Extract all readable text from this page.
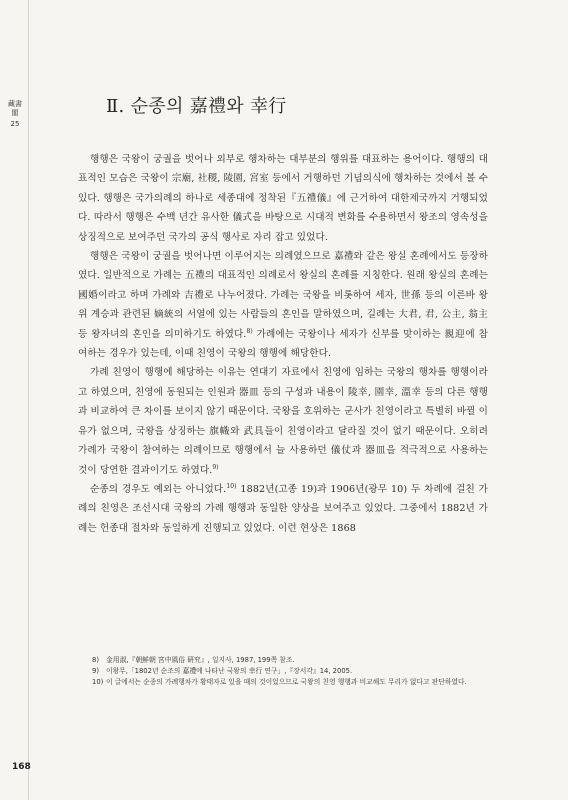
藏書閣
25
Ⅱ. 순종의 嘉禮와 幸行

행행은 국왕이 궁궐을 벗어나 외부로 행차하는 대부분의 행위를 대표하는 용어이다. 행행의 대표적인 모습은 국왕이 宗廟, 社稷, 陵園, 宮室 등에서 거행하던 기념의식에 행차하는 것에서 볼 수 있다. 행행은 국가의례의 하나로 세종대에 정착된『五禮儀』에 근거하여 대한제국까지 거행되었다. 따라서 행행은 수백 년간 유사한 儀式을 바탕으로 시대적 변화를 수용하면서 왕조의 영속성을 상징적으로 보여주던 국가의 공식 행사로 자리 잡고 있었다.

행행은 국왕이 궁궐을 벗어나면 이루어지는 의례였으므로 嘉禮와 같은 왕실 혼례에서도 등장하였다. 일반적으로 가례는 五禮의 대표적인 의례로서 왕실의 혼례를 지칭한다. 원래 왕실의 혼례는 國婚이라고 하며 가례와 吉禮로 나누어졌다. 가례는 국왕을 비롯하여 세자, 世孫 등의 이른바 왕위 계승과 관련된 嫡統의 서열에 있는 사람들의 혼인을 말하였으며, 길례는 大君, 君, 公主, 翁主 등 왕자녀의 혼인을 의미하기도 하였다.$^{8)}$ 가례에는 국왕이나 세자가 신부를 맞이하는 親迎에 참여하는 경우가 있는데, 이때 친영이 국왕의 행행에 해당한다.

가례 친영이 행행에 해당하는 이유는 연대기 자료에서 친영에 임하는 국왕의 행차를 행행이라고 하였으며, 친영에 동원되는 인원과 器皿 등의 구성과 내용이 陵幸, 園幸, 溫幸 등의 다른 행행과 비교하여 큰 차이를 보이지 않기 때문이다. 국왕을 호위하는 군사가 친영이라고 특별히 바뀔 이유가 없으며, 국왕을 상징하는 旗幟와 武具들이 친영이라고 달라질 것이 없기 때문이다. 오히려 가례가 국왕이 참여하는 의례이므로 행행에서 늘 사용하던 儀仗과 器皿을 적극적으로 사용하는 것이 당연한 결과이기도 하였다.$^{9)}$

순종의 경우도 예외는 아니었다.$^{10)}$ 1882년(고종 19)과 1906년(광무 10) 두 차례에 걸친 가례의 친영은 조선시대 국왕의 가례 행행과 동일한 양상을 보여주고 있었다. 그중에서 1882년 가례는 헌종대 절차와 동일하게 진행되고 있었다. 이런 현상은 1868

8) 金用淑,『朝鮮朝 宮中風俗 硏究』, 일지사, 1987, 199쪽 참조.
9) 이왕무,「1802년 순조의 嘉禮에 나타난 국왕의 幸行 연구」,『장서각』14, 2005.
10) 이 글에서는 순종의 가례행차가 황태자로 있을 때의 것이었으므로 국왕의 친영 행행과 비교해도 무리가 없다고 판단하였다.
168
